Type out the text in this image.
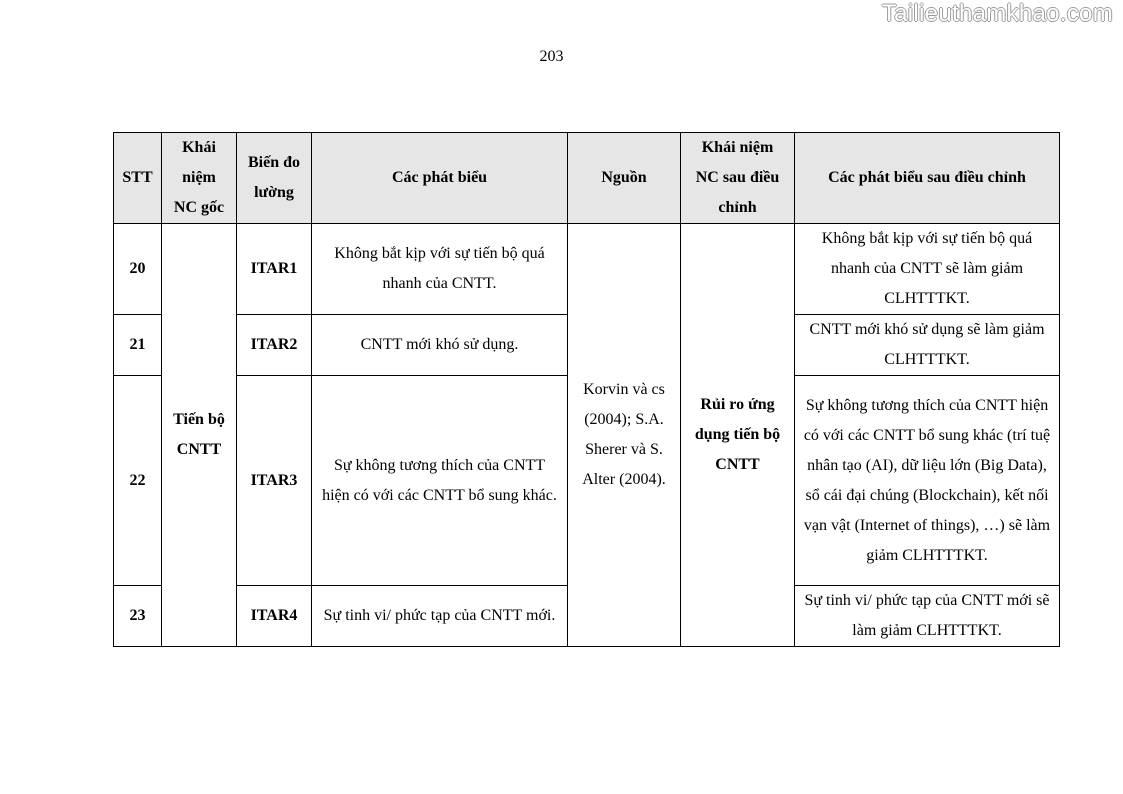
Tailieuthamkhao.com
203
STT	Khái niệm NC gốc	Biến đo lường	Các phát biểu	Nguồn	Khái niệm NC sau điều chỉnh	Các phát biểu sau điều chỉnh
20	Tiến bộ CNTT	ITAR1	Không bắt kịp với sự tiến bộ quá nhanh của CNTT.	Korvin và cs (2004); S.A. Sherer và S. Alter (2004).	Rủi ro ứng dụng tiến bộ CNTT	Không bắt kịp với sự tiến bộ quá nhanh của CNTT sẽ làm giảm CLHTTTKT.
21		ITAR2	CNTT mới khó sử dụng.			CNTT mới khó sử dụng sẽ làm giảm CLHTTTKT.
22		ITAR3	Sự không tương thích của CNTT hiện có với các CNTT bổ sung khác.			Sự không tương thích của CNTT hiện có với các CNTT bổ sung khác (trí tuệ nhân tạo (AI), dữ liệu lớn (Big Data), sổ cái đại chúng (Blockchain), kết nối vạn vật (Internet of things), …) sẽ làm giảm CLHTTTKT.
23		ITAR4	Sự tinh vi/ phức tạp của CNTT mới.			Sự tinh vi/ phức tạp của CNTT mới sẽ làm giảm CLHTTTKT.
